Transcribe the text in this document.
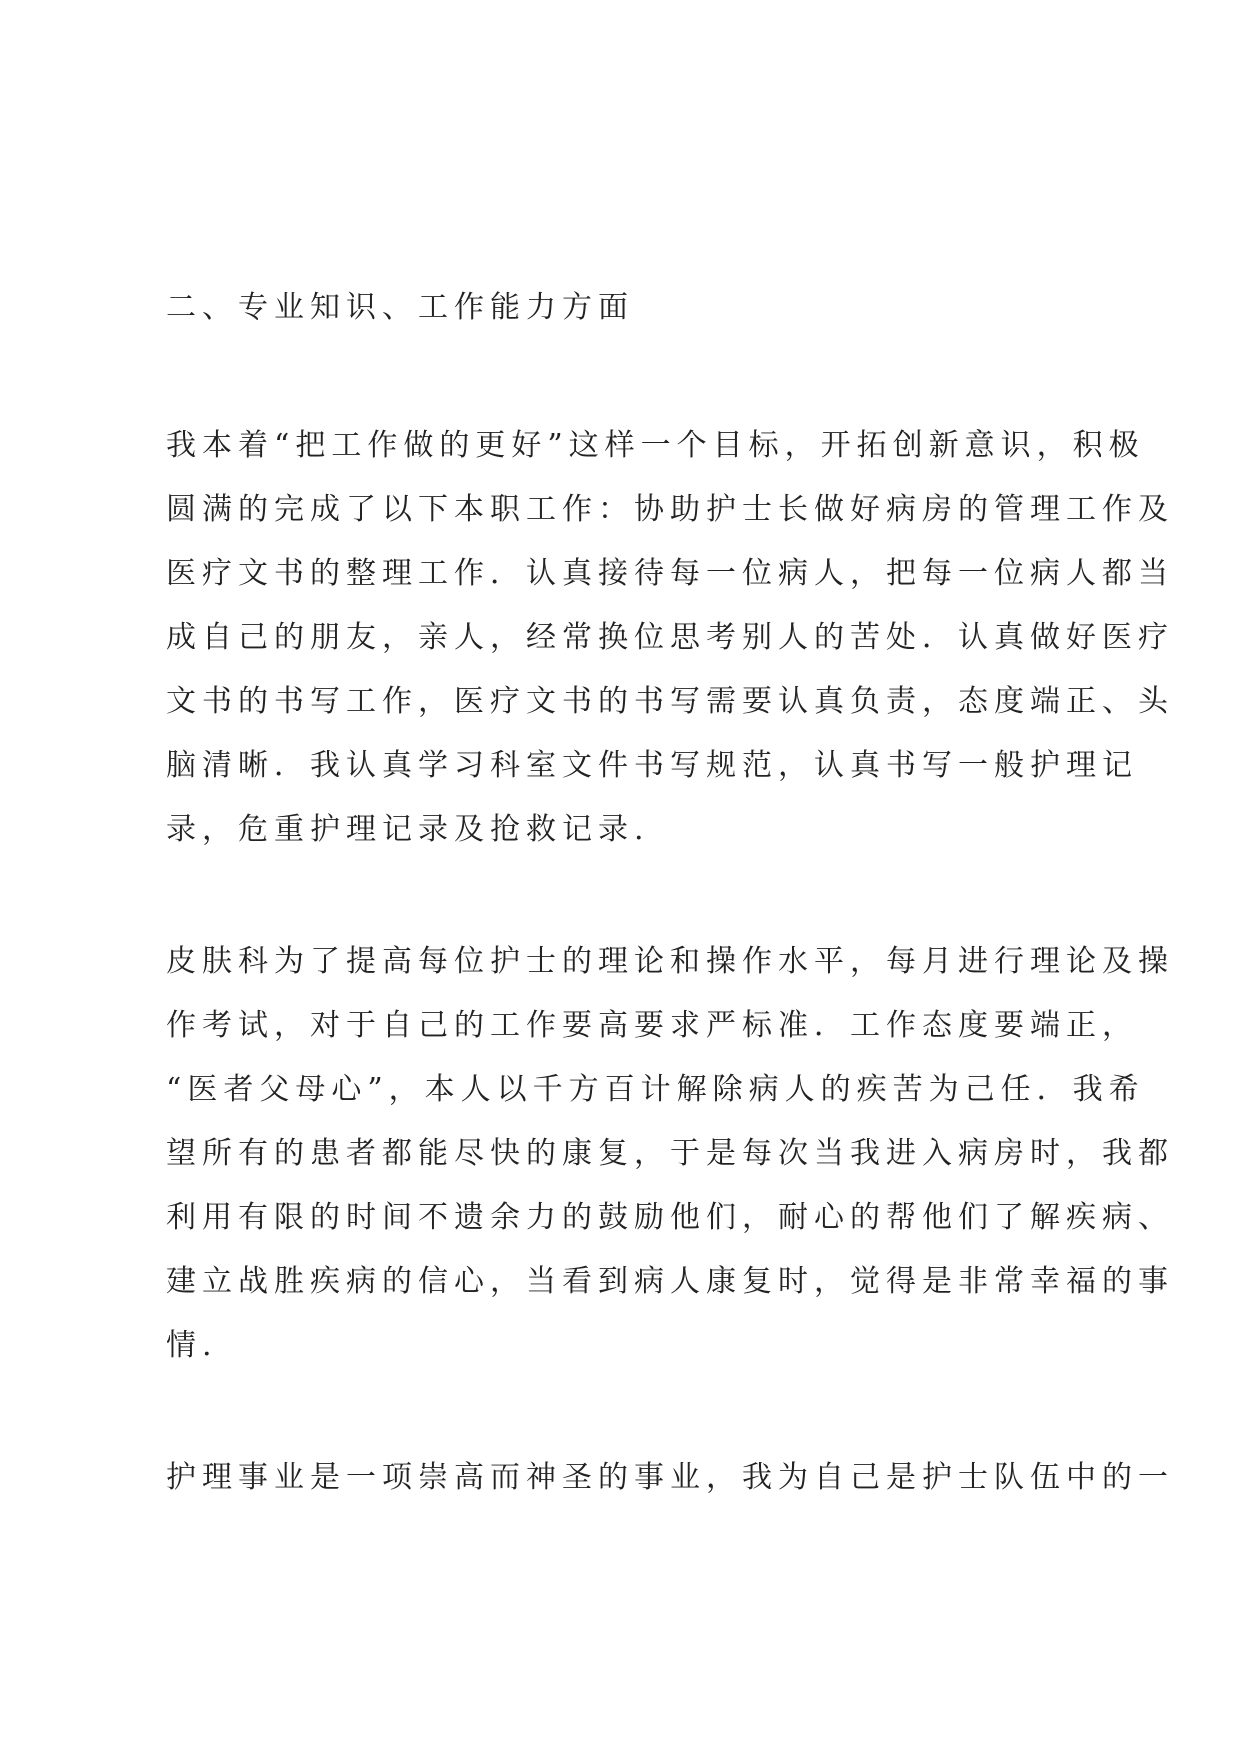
二、专业知识、工作能力方面
我本着“把工作做的更好”这样一个目标，开拓创新意识，积极
圆满的完成了以下本职工作：协助护士长做好病房的管理工作及
医疗文书的整理工作．认真接待每一位病人，把每一位病人都当
成自己的朋友，亲人，经常换位思考别人的苦处．认真做好医疗
文书的书写工作，医疗文书的书写需要认真负责，态度端正、头
脑清晰．我认真学习科室文件书写规范，认真书写一般护理记
录，危重护理记录及抢救记录.
皮肤科为了提高每位护士的理论和操作水平，每月进行理论及操
作考试，对于自己的工作要高要求严标准．工作态度要端正，
“医者父母心”，本人以千方百计解除病人的疾苦为己任．我希
望所有的患者都能尽快的康复，于是每次当我进入病房时，我都
利用有限的时间不遗余力的鼓励他们，耐心的帮他们了解疾病、
建立战胜疾病的信心，当看到病人康复时，觉得是非常幸福的事
情.
护理事业是一项崇高而神圣的事业，我为自己是护士队伍中的一
